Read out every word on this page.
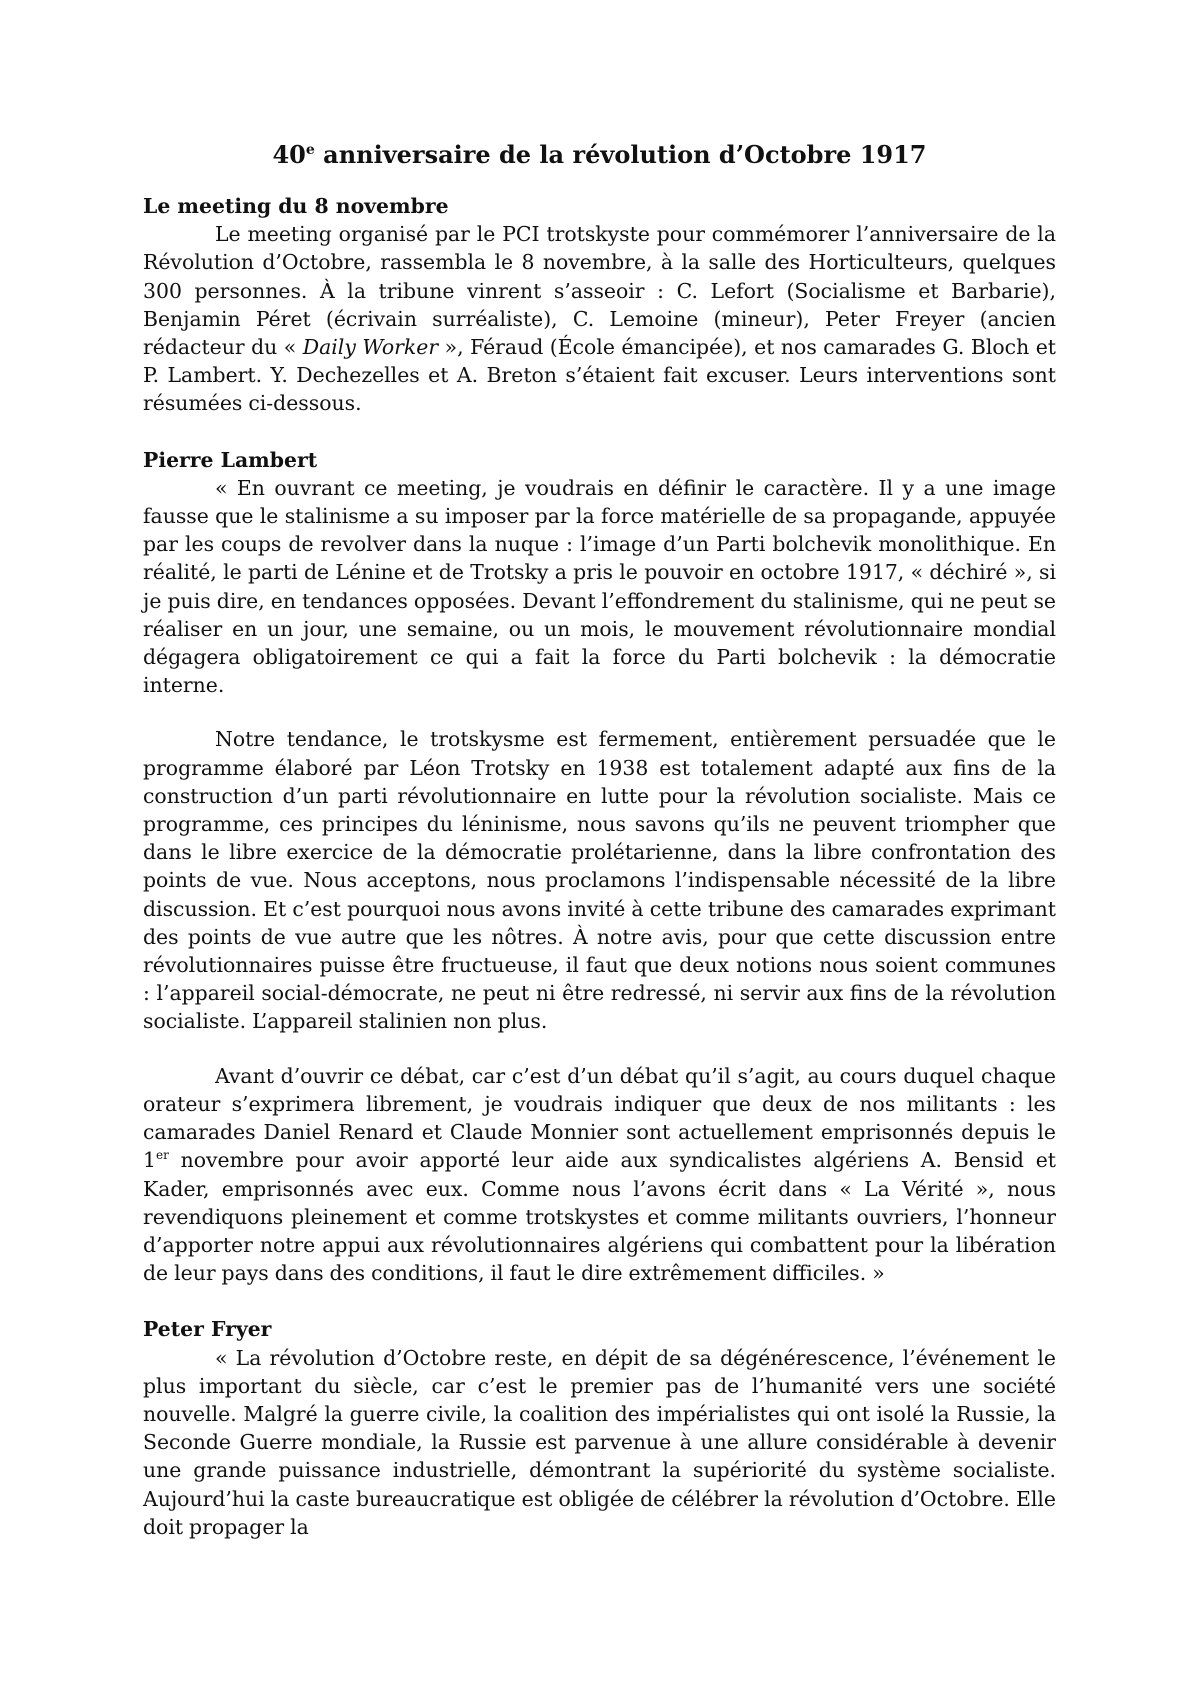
40e anniversaire de la révolution d’Octobre 1917

Le meeting du 8 novembre

Le meeting organisé par le PCI trotskyste pour commémorer l’anniversaire de la Révolution d’Octobre, rassembla le 8 novembre, à la salle des Horticulteurs, quelques 300 personnes. À la tribune vinrent s’asseoir : C. Lefort (Socialisme et Barbarie), Benjamin Péret (écrivain surréaliste), C. Lemoine (mineur), Peter Freyer (ancien rédacteur du « Daily Worker », Féraud (École émancipée), et nos camarades G. Bloch et P. Lambert. Y. Dechezelles et A. Breton s’étaient fait excuser. Leurs interventions sont résumées ci-dessous.

Pierre Lambert

« En ouvrant ce meeting, je voudrais en définir le caractère. Il y a une image fausse que le stalinisme a su imposer par la force matérielle de sa propagande, appuyée par les coups de revolver dans la nuque : l’image d’un Parti bolchevik monolithique. En réalité, le parti de Lénine et de Trotsky a pris le pouvoir en octobre 1917, « déchiré », si je puis dire, en tendances opposées. Devant l’effondrement du stalinisme, qui ne peut se réaliser en un jour, une semaine, ou un mois, le mouvement révolutionnaire mondial dégagera obligatoirement ce qui a fait la force du Parti bolchevik : la démocratie interne.

Notre tendance, le trotskysme est fermement, entièrement persuadée que le programme élaboré par Léon Trotsky en 1938 est totalement adapté aux fins de la construction d’un parti révolutionnaire en lutte pour la révolution socialiste. Mais ce programme, ces principes du léninisme, nous savons qu’ils ne peuvent triompher que dans le libre exercice de la démocratie prolétarienne, dans la libre confrontation des points de vue. Nous acceptons, nous proclamons l’indispensable nécessité de la libre discussion. Et c’est pourquoi nous avons invité à cette tribune des camarades exprimant des points de vue autre que les nôtres. À notre avis, pour que cette discussion entre révolutionnaires puisse être fructueuse, il faut que deux notions nous soient communes : l’appareil social-démocrate, ne peut ni être redressé, ni servir aux fins de la révolution socialiste. L’appareil stalinien non plus.

Avant d’ouvrir ce débat, car c’est d’un débat qu’il s’agit, au cours duquel chaque orateur s’exprimera librement, je voudrais indiquer que deux de nos militants : les camarades Daniel Renard et Claude Monnier sont actuellement emprisonnés depuis le 1er novembre pour avoir apporté leur aide aux syndicalistes algériens A. Bensid et Kader, emprisonnés avec eux. Comme nous l’avons écrit dans « La Vérité », nous revendiquons pleinement et comme trotskystes et comme militants ouvriers, l’honneur d’apporter notre appui aux révolutionnaires algériens qui combattent pour la libération de leur pays dans des conditions, il faut le dire extrêmement difficiles. »

Peter Fryer

« La révolution d’Octobre reste, en dépit de sa dégénérescence, l’événement le plus important du siècle, car c’est le premier pas de l’humanité vers une société nouvelle. Malgré la guerre civile, la coalition des impérialistes qui ont isolé la Russie, la Seconde Guerre mondiale, la Russie est parvenue à une allure considérable à devenir une grande puissance industrielle, démontrant la supériorité du système socialiste. Aujourd’hui la caste bureaucratique est obligée de célébrer la révolution d’Octobre. Elle doit propager la
